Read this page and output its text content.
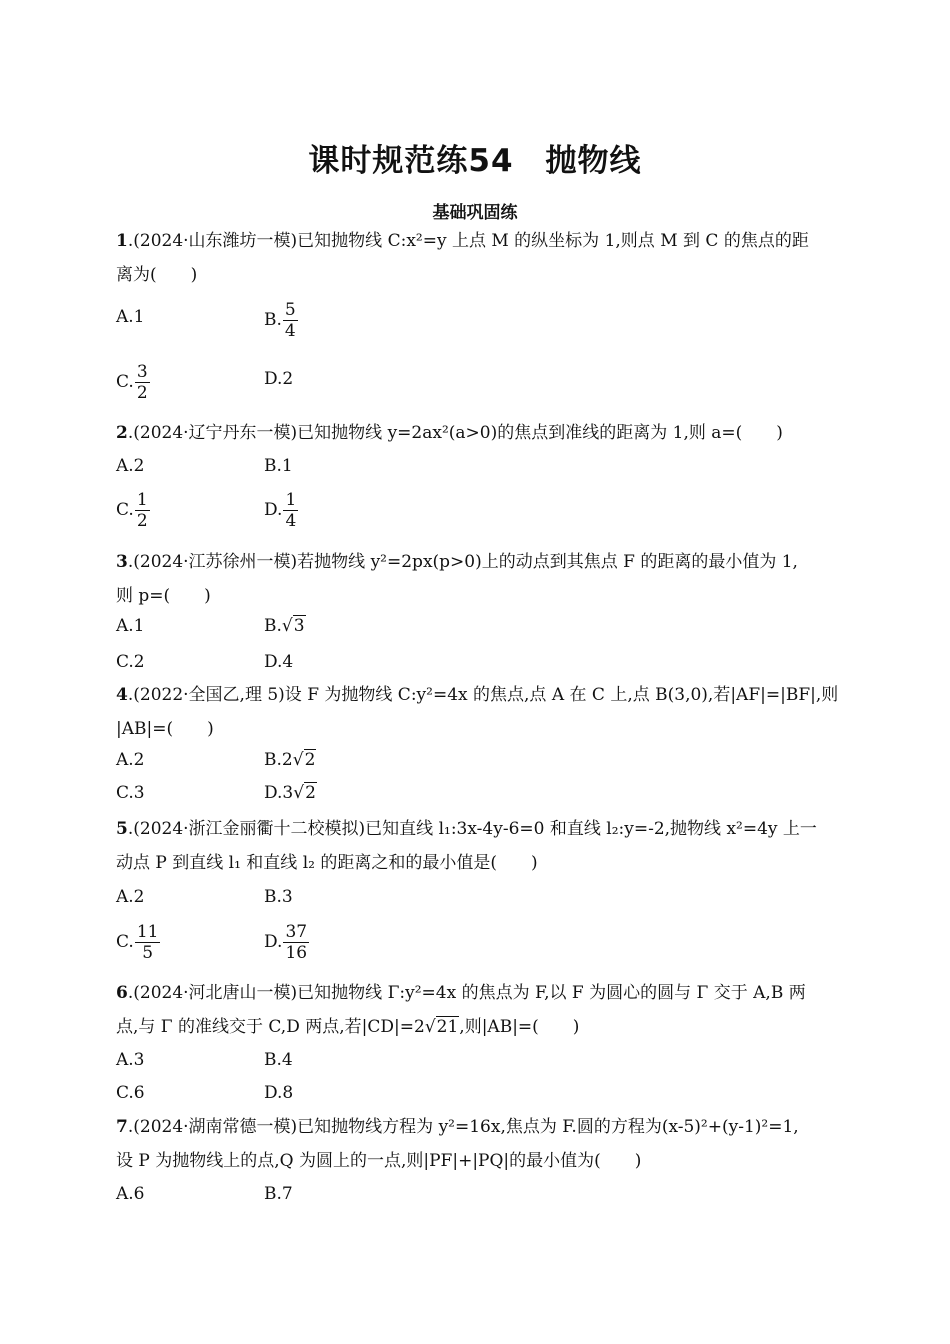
课时规范练54　抛物线
基础巩固练
1.(2024·山东潍坊一模)已知抛物线 C:x²=y 上点 M 的纵坐标为 1,则点 M 到 C 的焦点的距
离为(　　)
A.1	B. $\frac{5}{4}$
C. $\frac{3}{2}$	D.2
2.(2024·辽宁丹东一模)已知抛物线 y=2ax²(a>0)的焦点到准线的距离为 1,则 a=(　　)
A.2	B.1
C. $\frac{1}{2}$	D. $\frac{1}{4}$
3.(2024·江苏徐州一模)若抛物线 y²=2px(p>0)上的动点到其焦点 F 的距离的最小值为 1,
则 p=(　　)
A.1	B.√3
C.2	D.4
4.(2022·全国乙,理 5)设 F 为抛物线 C:y²=4x 的焦点,点 A 在 C 上,点 B(3,0),若|AF|=|BF|,则
|AB|=(　　)
A.2	B.2√2
C.3	D.3√2
5.(2024·浙江金丽衢十二校模拟)已知直线 l₁:3x-4y-6=0 和直线 l₂:y=-2,抛物线 x²=4y 上一
动点 P 到直线 l₁ 和直线 l₂ 的距离之和的最小值是(　　)
A.2	B.3
C. $\frac{11}{5}$	D. $\frac{37}{16}$
6.(2024·河北唐山一模)已知抛物线 Γ:y²=4x 的焦点为 F,以 F 为圆心的圆与 Γ 交于 A,B 两
点,与 Γ 的准线交于 C,D 两点,若|CD|=2√21,则|AB|=(　　)
A.3	B.4
C.6	D.8
7.(2024·湖南常德一模)已知抛物线方程为 y²=16x,焦点为 F.圆的方程为(x-5)²+(y-1)²=1,
设 P 为抛物线上的点,Q 为圆上的一点,则|PF|+|PQ|的最小值为(　　)
A.6	B.7
